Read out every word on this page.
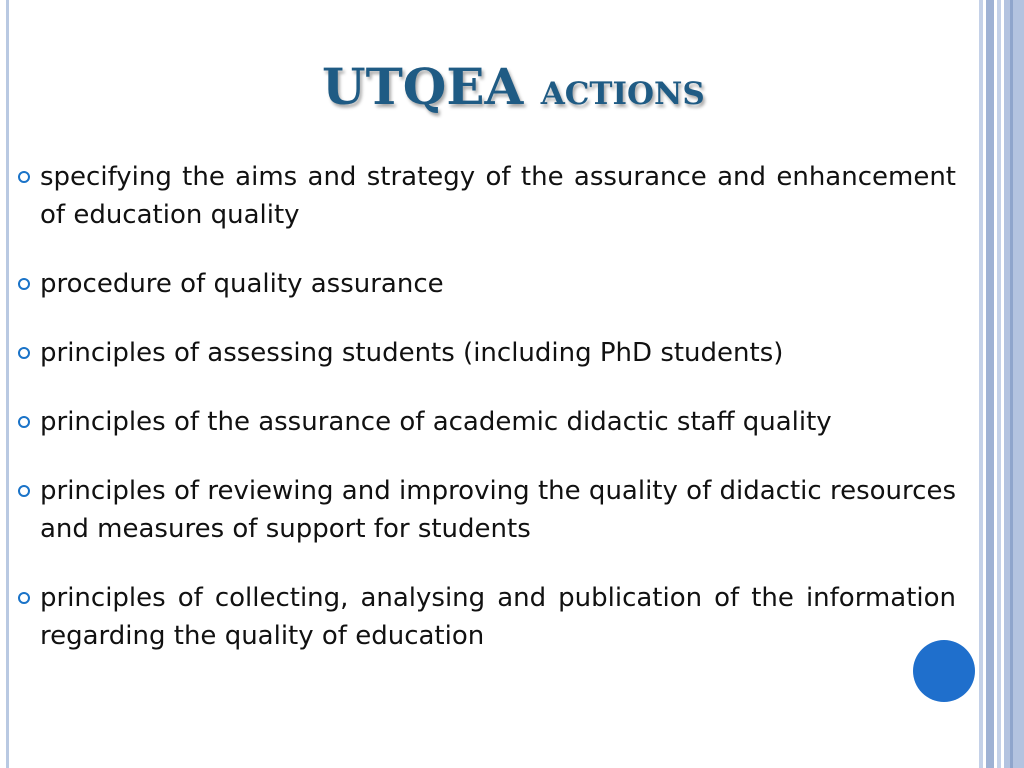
UTQEA actions
specifying the aims and strategy of the assurance and enhancement of education quality
procedure of quality assurance
principles of assessing students (including PhD students)
principles of the assurance of academic didactic staff quality
principles of reviewing and improving the quality of didactic resources and measures of support for students
principles of collecting, analysing and publication of the information regarding the quality of education
